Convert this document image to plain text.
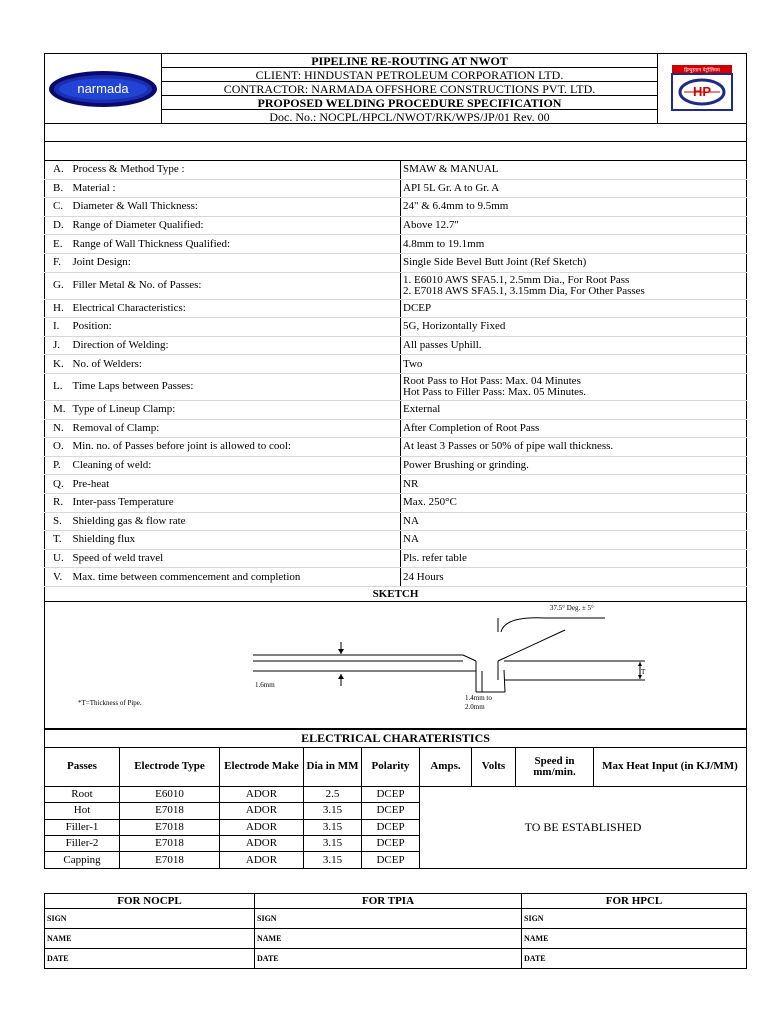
narmada
	PIPELINE RE-ROUTING AT NWOT	
हिन्दुस्तान पेट्रोलियम
HP

CLIENT: HINDUSTAN PETROLEUM CORPORATION LTD.
CONTRACTOR: NARMADA OFFSHORE CONSTRUCTIONS PVT. LTD.
PROPOSED WELDING PROCEDURE SPECIFICATION
Doc. No.: NOCPL/HPCL/NWOT/RK/WPS/JP/01 Rev. 00

A.	Process & Method Type :	SMAW & MANUAL

B.	Material :	API 5L Gr. A to Gr. A

C.	Diameter & Wall Thickness:	24" & 6.4mm to 9.5mm

D.	Range of Diameter Qualified:	Above 12.7"

E.	Range of Wall Thickness Qualified:	4.8mm to 19.1mm

F.	Joint Design:	Single Side Bevel Butt Joint (Ref Sketch)

G.	Filler Metal & No. of Passes:	1. E6010 AWS SFA5.1, 2.5mm Dia., For Root Pass
2. E7018 AWS SFA5.1, 3.15mm Dia, For Other Passes

H.	Electrical Characteristics:	DCEP

I.	Position:	5G, Horizontally Fixed

J.	Direction of Welding:	All passes Uphill.

K.	No. of Welders:	Two

L.	Time Laps between Passes:	Root Pass to Hot Pass: Max. 04 Minutes
Hot Pass to Filler Pass: Max. 05 Minutes.

M.	Type of Lineup Clamp:	External

N.	Removal of Clamp:	After Completion of Root Pass

O.	Min. no. of Passes before joint is allowed to cool:	At least 3 Passes or 50% of pipe wall thickness.

P.	Cleaning of weld:	Power Brushing or grinding.

Q.	Pre-heat	NR

R.	Inter-pass Temperature	Max. 250°C

S.	Shielding gas & flow rate	NA

T.	Shielding flux	NA

U.	Speed of weld travel	Pls. refer table

V.	Max. time between commencement and completion	24 Hours
SKETCH
37.5° Deg. ± 5°
T
1.6mm
1.4mm to
2.0mm
*T=Thickness of Pipe.
ELECTRICAL CHARATERISTICS								
Passes	Electrode Type	Electrode Make	Dia in MM	Polarity	Amps.	Volts	Speed in mm/min.	Max Heat Input (in KJ/MM)
Root	E6010	ADOR	2.5	DCEP	TO BE ESTABLISHED			
Hot	E7018	ADOR	3.15	DCEP				
Filler-1	E7018	ADOR	3.15	DCEP				
Filler-2	E7018	ADOR	3.15	DCEP				
Capping	E7018	ADOR	3.15	DCEP				
FOR NOCPL	FOR TPIA	FOR HPCL
SIGN	SIGN	SIGN
NAME	NAME	NAME
DATE	DATE	DATE
